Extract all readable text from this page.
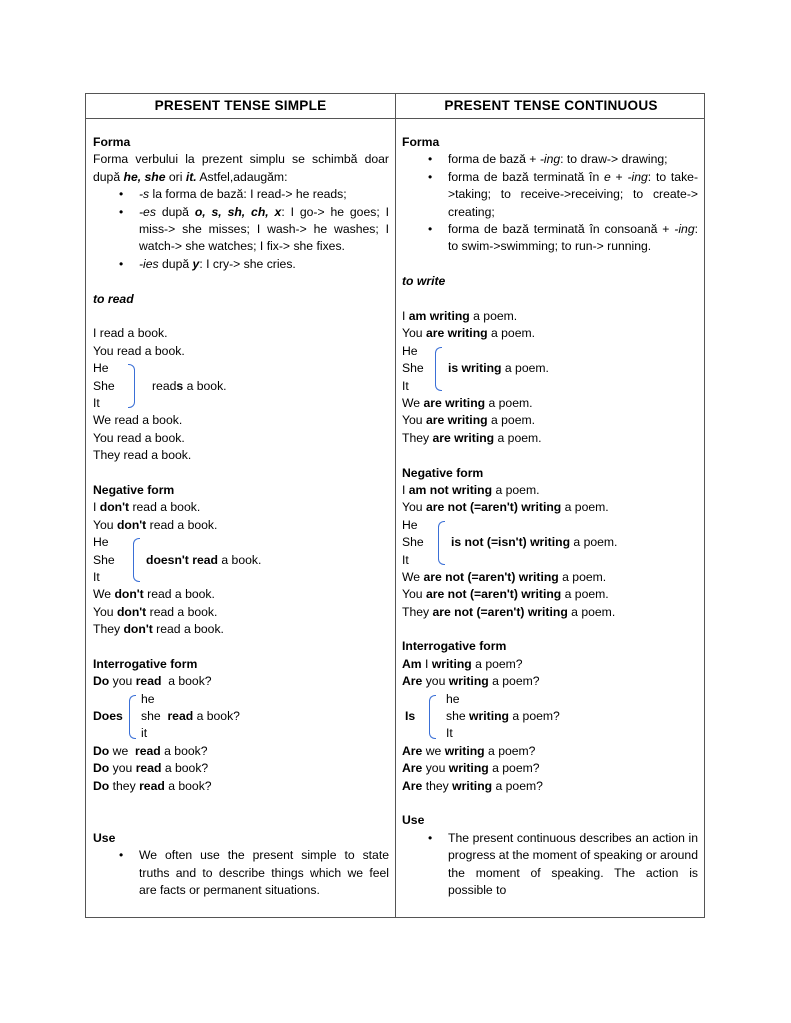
PRESENT TENSE SIMPLE	PRESENT TENSE CONTINUOUS
Forma
Forma verbului la prezent simplu se schimbă doar după he, she ori it. Astfel,adaugăm:
• -s la forma de bază: I read-> he reads;
• -es după o, s, sh, ch, x: I go-> he goes; I miss-> she misses; I wash-> he washes; I watch-> she watches; I fix-> she fixes.
• -ies după y: I cry-> she cries.
to read
I read a book.
You read a book.
He
She
It
reads a book.
We read a book.
You read a book.
They read a book.
Negative form
I don't read a book.
You don't read a book.
He
She
It
doesn't read a book.
We don't read a book.
You don't read a book.
They don't read a book.
Interrogative form
Do you read  a book?
Does
he
she read a book?
it
Do we  read a book?
Do you read a book?
Do they read a book?
Use
• We often use the present simple to state truths and to describe things which we feel are facts or permanent situations.
Forma
• forma de bază + -ing: to draw-> drawing;
• forma de bază terminată în e + -ing: to take->taking; to receive->receiving; to create-> creating;
• forma de bază terminată în consoană + -ing: to swim->swimming; to run-> running.
to write
I am writing a poem.
You are writing a poem.
He
She
It
is writing a poem.
We are writing a poem.
You are writing a poem.
They are writing a poem.
Negative form
I am not writing a poem.
You are not (=aren't) writing a poem.
He
She
It
is not (=isn't) writing a poem.
We are not (=aren't) writing a poem.
You are not (=aren't) writing a poem.
They are not (=aren't) writing a poem.
Interrogative form
Am I writing a poem?
Are you writing a poem?
Is
he
she writing a poem?
It
Are we writing a poem?
Are you writing a poem?
Are they writing a poem?
Use
• The present continuous describes an action in progress at the moment of speaking or around the moment of speaking. The action is possible to
